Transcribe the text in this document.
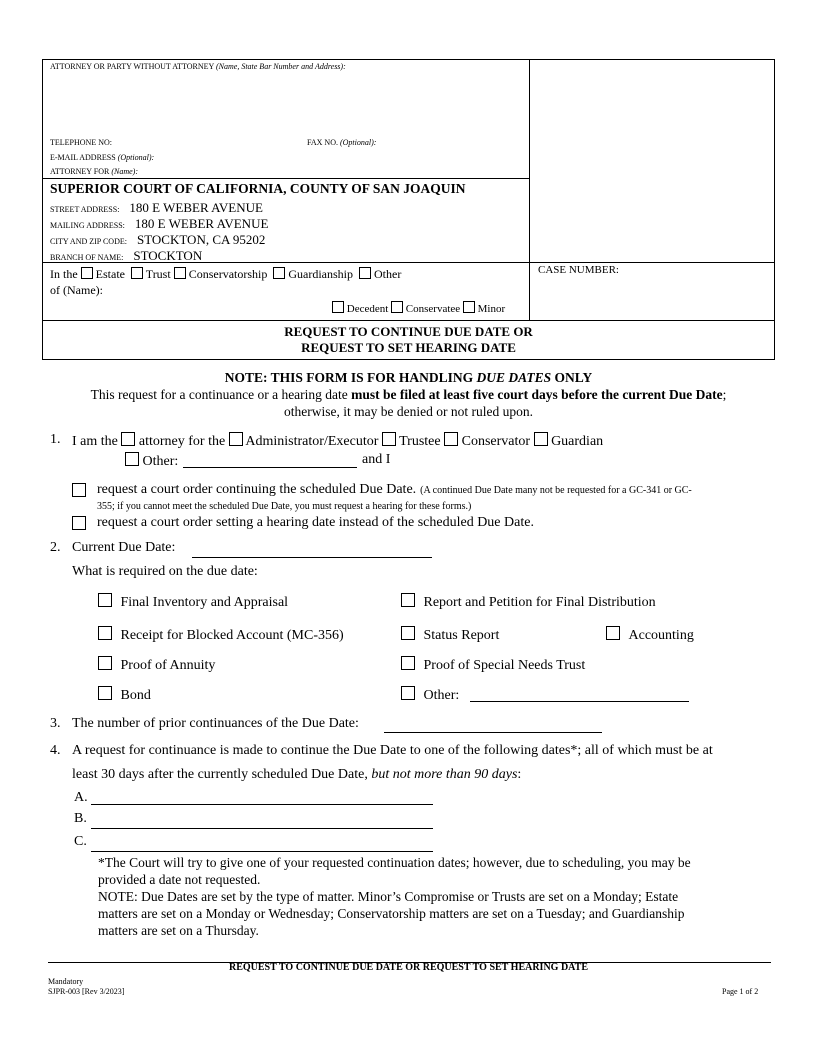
ATTORNEY OR PARTY WITHOUT ATTORNEY (Name, State Bar Number and Address):
TELEPHONE NO:	FAX NO. (Optional):
E-MAIL ADDRESS (Optional):
ATTORNEY FOR (Name):
SUPERIOR COURT OF CALIFORNIA, COUNTY OF SAN JOAQUIN
STREET ADDRESS: 180 E WEBER AVENUE
MAILING ADDRESS: 180 E WEBER AVENUE
CITY AND ZIP CODE: STOCKTON, CA 95202
BRANCH OF NAME: STOCKTON
In the Estate Trust Conservatorship Guardianship Other
of (Name):
Decedent Conservatee Minor
CASE NUMBER:
REQUEST TO CONTINUE DUE DATE OR
REQUEST TO SET HEARING DATE
NOTE: THIS FORM IS FOR HANDLING DUE DATES ONLY
This request for a continuance or a hearing date must be filed at least five court days before the current Due Date;
otherwise, it may be denied or not ruled upon.
1. I am the attorney for the Administrator/Executor Trustee Conservator Guardian
Other:	and I
request a court order continuing the scheduled Due Date. (A continued Due Date many not be requested for a GC-341 or GC-
355; if you cannot meet the scheduled Due Date, you must request a hearing for these forms.)
request a court order setting a hearing date instead of the scheduled Due Date.
2. Current Due Date:
What is required on the due date:
Final Inventory and Appraisal	Report and Petition for Final Distribution
Receipt for Blocked Account (MC-356)	Status Report	Accounting
Proof of Annuity	Proof of Special Needs Trust
Bond	Other:
3. The number of prior continuances of the Due Date:
4. A request for continuance is made to continue the Due Date to one of the following dates*; all of which must be at
least 30 days after the currently scheduled Due Date, but not more than 90 days:
A.
B.
C.
*The Court will try to give one of your requested continuation dates; however, due to scheduling, you may be
provided a date not requested.
NOTE: Due Dates are set by the type of matter. Minor’s Compromise or Trusts are set on a Monday; Estate
matters are set on a Monday or Wednesday; Conservatorship matters are set on a Tuesday; and Guardianship
matters are set on a Thursday.
REQUEST TO CONTINUE DUE DATE OR REQUEST TO SET HEARING DATE
Mandatory
SJPR-003 [Rev 3/2023]	Page 1 of 2
